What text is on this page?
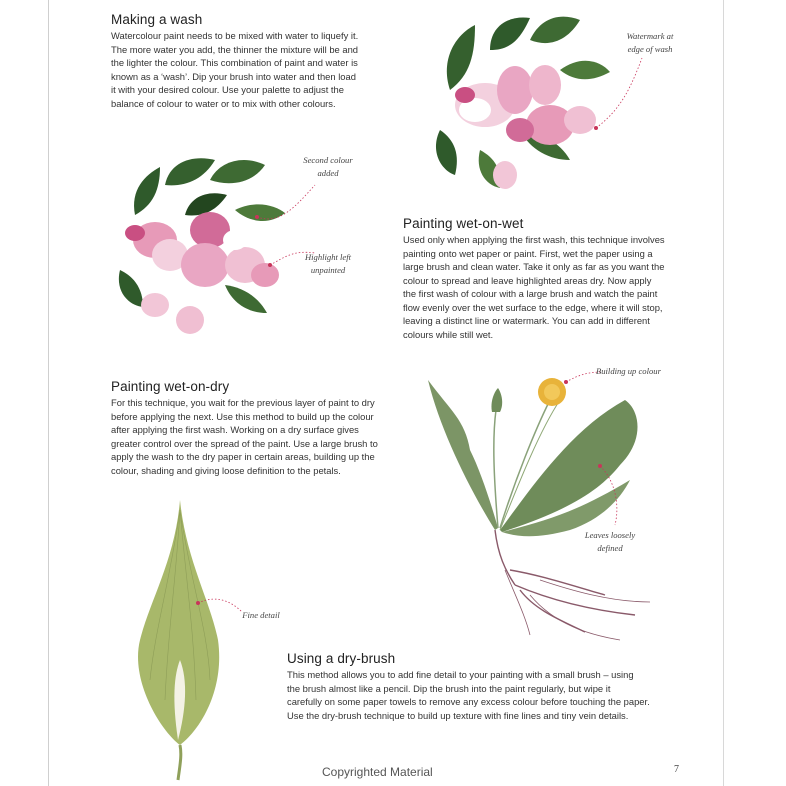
Making a wash

Watercolour paint needs to be mixed with water to liquefy it.
The more water you add, the thinner the mixture will be and
the lighter the colour. This combination of paint and water is
known as a ‘wash’. Dip your brush into water and then load
it with your desired colour. Use your palette to adjust the
balance of colour to water or to mix with other colours.

Watermark at
edge of wash
Second colour
added
Highlight left
unpainted
Painting wet-on-wet

Used only when applying the first wash, this technique involves
painting onto wet paper or paint. First, wet the paper using a
large brush and clean water. Take it only as far as you want the
colour to spread and leave highlighted areas dry. Now apply
the first wash of colour with a large brush and watch the paint
flow evenly over the wet surface to the edge, where it will stop,
leaving a distinct line or watermark. You can add in different
colours while still wet.

Painting wet-on-dry

For this technique, you wait for the previous layer of paint to dry
before applying the next. Use this method to build up the colour
after applying the first wash. Working on a dry surface gives
greater control over the spread of the paint. Use a large brush to
apply the wash to the dry paper in certain areas, building up the
colour, shading and giving loose definition to the petals.

Building up colour
Leaves loosely
defined
Fine detail
Using a dry-brush

This method allows you to add fine detail to your painting with a small brush – using
the brush almost like a pencil. Dip the brush into the paint regularly, but wipe it
carefully on some paper towels to remove any excess colour before touching the paper.
Use the dry-brush technique to build up texture with fine lines and tiny vein details.

Copyrighted Material	7
